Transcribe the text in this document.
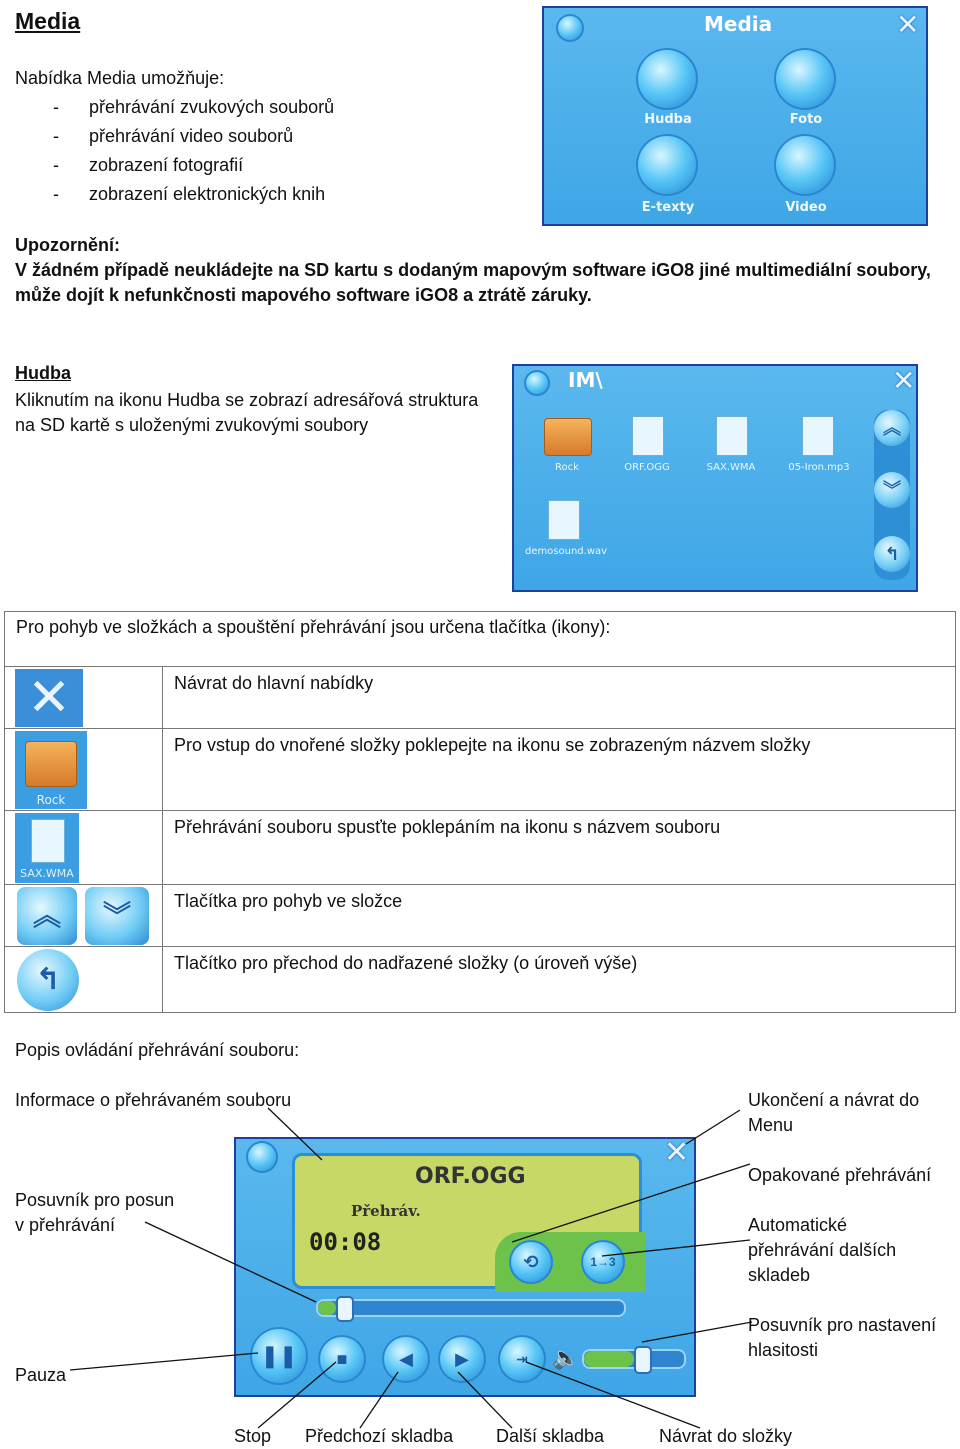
Media
Nabídka Media umožňuje:
- přehrávání zvukových souborů
- přehrávání video souborů
- zobrazení fotografií
- zobrazení elektronických knih
Media	✕
Hudba	Foto
E-texty	Video
Upozornění:
V žádném případě neukládejte na SD kartu s dodaným mapovým software iGO8 jiné multimediální soubory,
může dojít k nefunkčnosti mapového software iGO8 a ztrátě záruky.
Hudba
Kliknutím na ikonu Hudba se zobrazí adresářová struktura na SD kartě s uloženými zvukovými soubory
IM\	✕
Rock	ORF.OGG	SAX.WMA	05-Iron.mp3
demosound.wav
︽
︾
↰
Pro pohyb ve složkách a spouštění přehrávání jsou určena tlačítka (ikony):	

✕	Návrat do hlavní nabídky

Rock	Pro vstup do vnořené složky poklepejte na ikonu se zobrazeným názvem složky

SAX.WMA	Přehrávání souboru spusťte poklepáním na ikonu s názvem souboru

︽ ︾	Tlačítka pro pohyb ve složce

↰	Tlačítko pro přechod do nadřazené složky (o úroveň výše)
Popis ovládání přehrávání souboru:
Informace o přehrávaném souboru
Posuvník pro posun
v přehrávání
Pauza
Ukončení a návrat do
Menu
Opakované přehrávání
Automatické
přehrávání dalších
skladeb
Posuvník pro nastavení
hlasitosti
Stop Předchozí skladba Další skladba	Návrat do složky
✕
ORF.OGG
Přehráv.
00:08
⟲	1→3
❚❚	■	◀	▶	⇥	🔈
